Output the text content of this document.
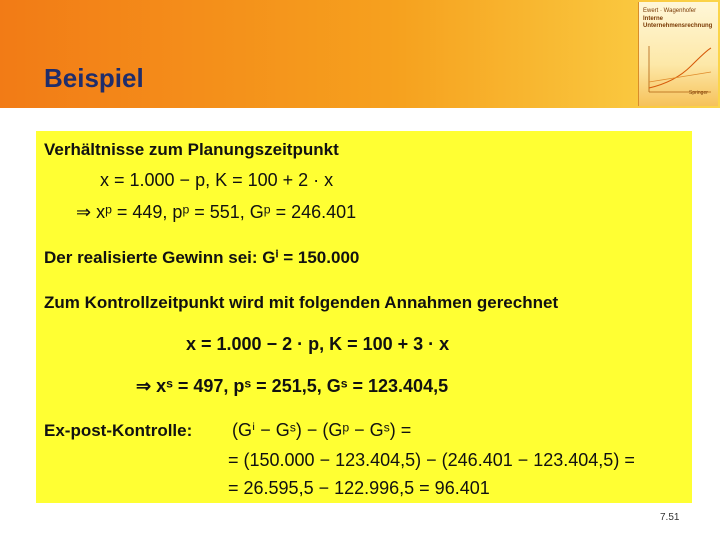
Beispiel
Ewert · Wagenhofer
Interne
Unternehmensrechnung
Springer
Verhältnisse zum Planungszeitpunkt
x = 1.000 − p, K = 100 + 2 · x
⇒ xᵖ = 449, pᵖ = 551, Gᵖ = 246.401
Der realisierte Gewinn sei: Gⁱ = 150.000
Zum Kontrollzeitpunkt wird mit folgenden Annahmen gerechnet
x = 1.000 − 2 · p, K = 100 + 3 · x
⇒ xˢ = 497, pˢ = 251,5, Gˢ = 123.404,5
Ex-post-Kontrolle: (Gⁱ − Gˢ) − (Gᵖ − Gˢ) =
= (150.000 − 123.404,5) − (246.401 − 123.404,5) =
= 26.595,5 − 122.996,5 = 96.401
7.51
